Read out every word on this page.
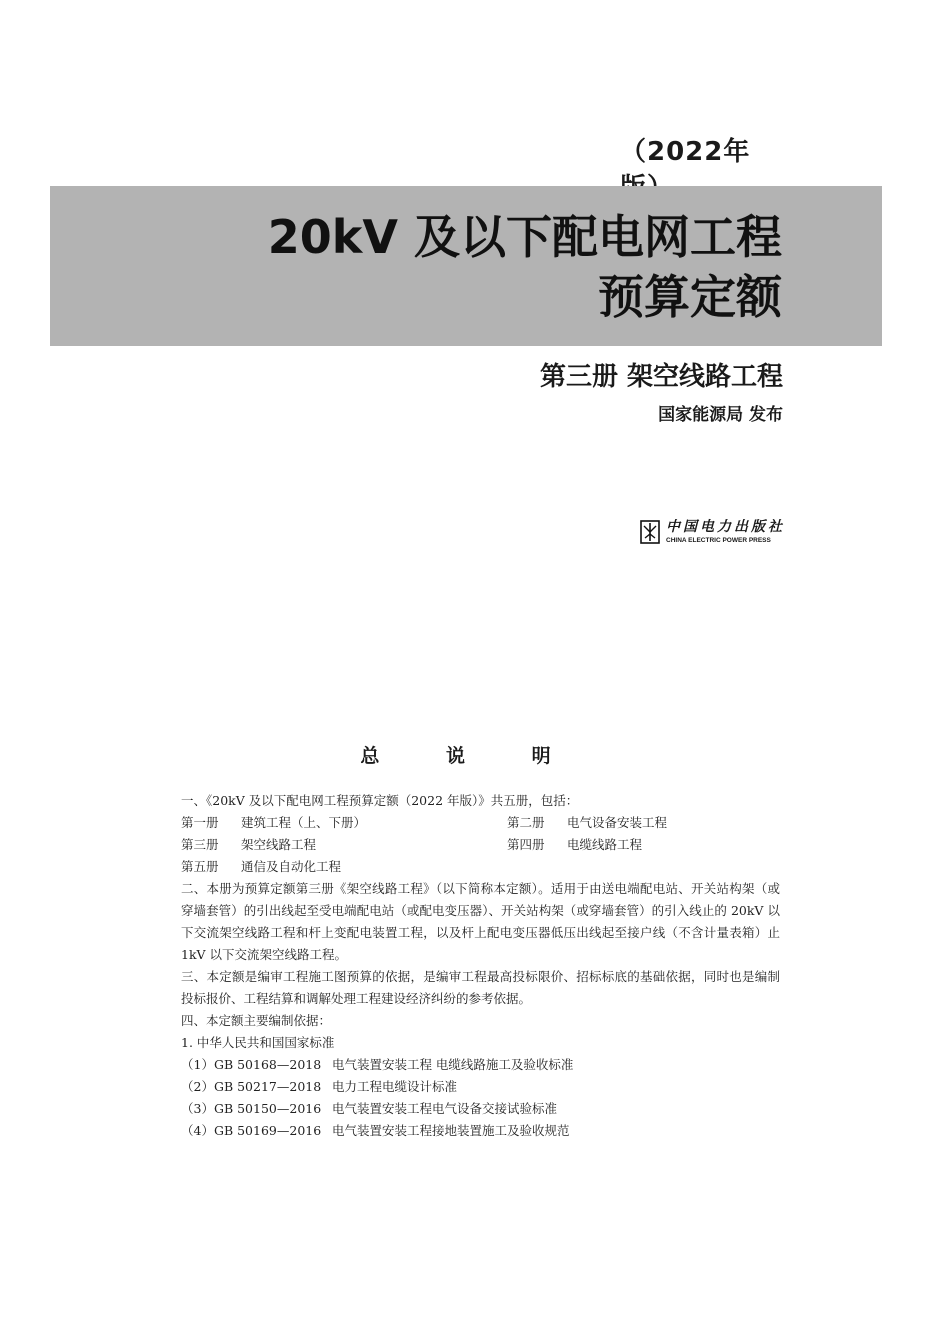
（2022年
20kV 及以下配电网工程
预算定额
第三册 架空线路工程
国家能源局 发布
中国电力出版社
CHINA ELECTRIC POWER PRESS
总 说 明

一、《20kV 及以下配电网工程预算定额（2022 年版）》共五册，包括：

第一册 建筑工程（上、下册）	第二册 电气设备安装工程
第三册 架空线路工程	第四册 电缆线路工程
第五册 通信及自动化工程

二、本册为预算定额第三册《架空线路工程》（以下简称本定额）。适用于由送电端配电站、开关站构架（或穿墙套管）的引出线起至受电端配电站（或配电变压器）、开关站构架（或穿墙套管）的引入线止的 20kV 以下交流架空线路工程和杆上变配电装置工程，以及杆上配电变压器低压出线起至接户线（不含计量表箱）止 1kV 以下交流架空线路工程。

三、本定额是编审工程施工图预算的依据，是编审工程最高投标限价、招标标底的基础依据，同时也是编制投标报价、工程结算和调解处理工程建设经济纠纷的参考依据。

四、本定额主要编制依据：

1. 中华人民共和国国家标准

（1）GB 50168—2018 电气装置安装工程 电缆线路施工及验收标准
（2）GB 50217—2018 电力工程电缆设计标准
（3）GB 50150—2016 电气装置安装工程电气设备交接试验标准
（4）GB 50169—2016 电气装置安装工程接地装置施工及验收规范
